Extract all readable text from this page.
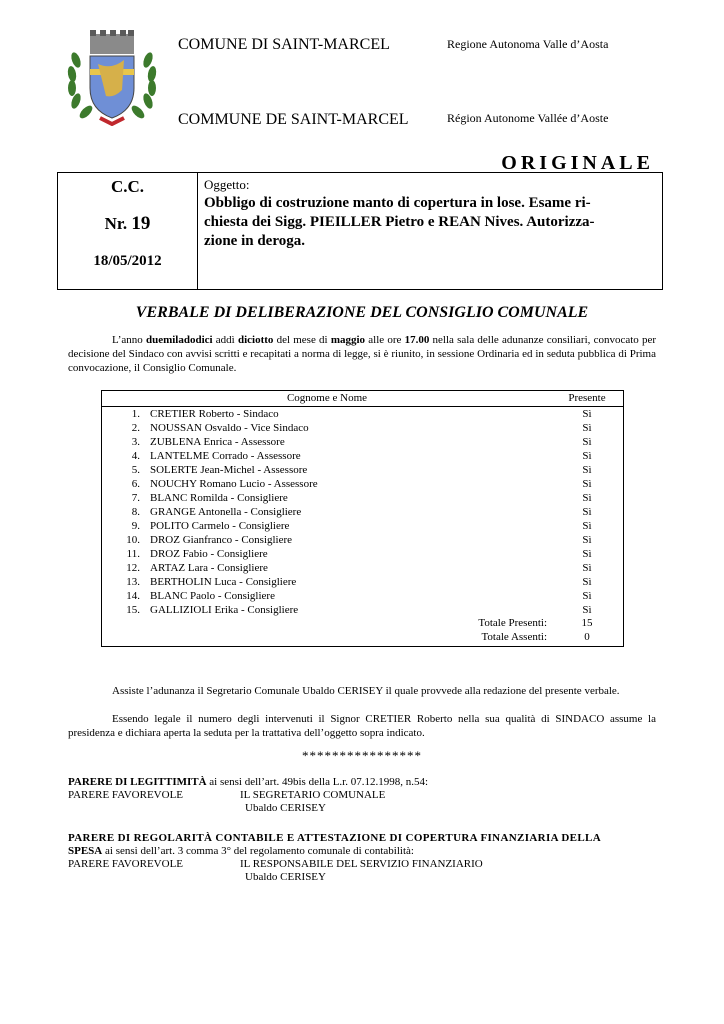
COMUNE DI SAINT-MARCEL	Regione Autonoma Valle d’Aosta
COMMUNE DE SAINT-MARCEL	Région Autonome Vallée d’Aoste
ORIGINALE
C.C.
Nr. 19
18/05/2012
Oggetto:
Obbligo di costruzione manto di copertura in lose. Esame ri-
chiesta dei Sigg. PIEILLER Pietro e REAN Nives. Autorizza-
zione in deroga.
VERBALE DI DELIBERAZIONE DEL CONSIGLIO COMUNALE
L’anno duemiladodici addì diciotto del mese di maggio alle ore 17.00 nella sala delle adunanze consiliari, convocato per decisione del Sindaco con avvisi scritti e recapitati a norma di legge, si è riunito, in sessione Ordinaria ed in seduta pubblica di Prima convocazione, il Consiglio Comunale.
Cognome e Nome	Presente
1. CRETIER Roberto - Sindaco	Sì
2. NOUSSAN Osvaldo - Vice Sindaco	Sì
3. ZUBLENA Enrica - Assessore	Sì
4. LANTELME Corrado - Assessore	Sì
5. SOLERTE Jean-Michel - Assessore	Sì
6. NOUCHY Romano Lucio - Assessore	Sì
7. BLANC Romilda - Consigliere	Sì
8. GRANGE Antonella - Consigliere	Sì
9. POLITO Carmelo - Consigliere	Sì
10. DROZ Gianfranco - Consigliere	Sì
11. DROZ Fabio - Consigliere	Sì
12. ARTAZ Lara - Consigliere	Sì
13. BERTHOLIN Luca - Consigliere	Sì
14. BLANC Paolo - Consigliere	Sì
15. GALLIZIOLI Erika - Consigliere	Sì
Totale Presenti:	15
Totale Assenti:	0
Assiste l’adunanza il Segretario Comunale Ubaldo CERISEY il quale provvede alla redazione del presente verbale.
Essendo legale il numero degli intervenuti il Signor CRETIER Roberto nella sua qualità di SINDACO assume la presidenza e dichiara aperta la seduta per la trattativa dell’oggetto sopra indicato.
****************
PARERE DI LEGITTIMITÀ ai sensi dell’art. 49bis della L.r. 07.12.1998, n.54:
PARERE FAVOREVOLE	IL SEGRETARIO COMUNALE
Ubaldo CERISEY
PARERE DI REGOLARITÀ CONTABILE E ATTESTAZIONE DI COPERTURA FINANZIARIA DELLA
SPESA ai sensi dell’art. 3 comma 3° del regolamento comunale di contabilità:
PARERE FAVOREVOLE	IL RESPONSABILE DEL SERVIZIO FINANZIARIO
Ubaldo CERISEY
